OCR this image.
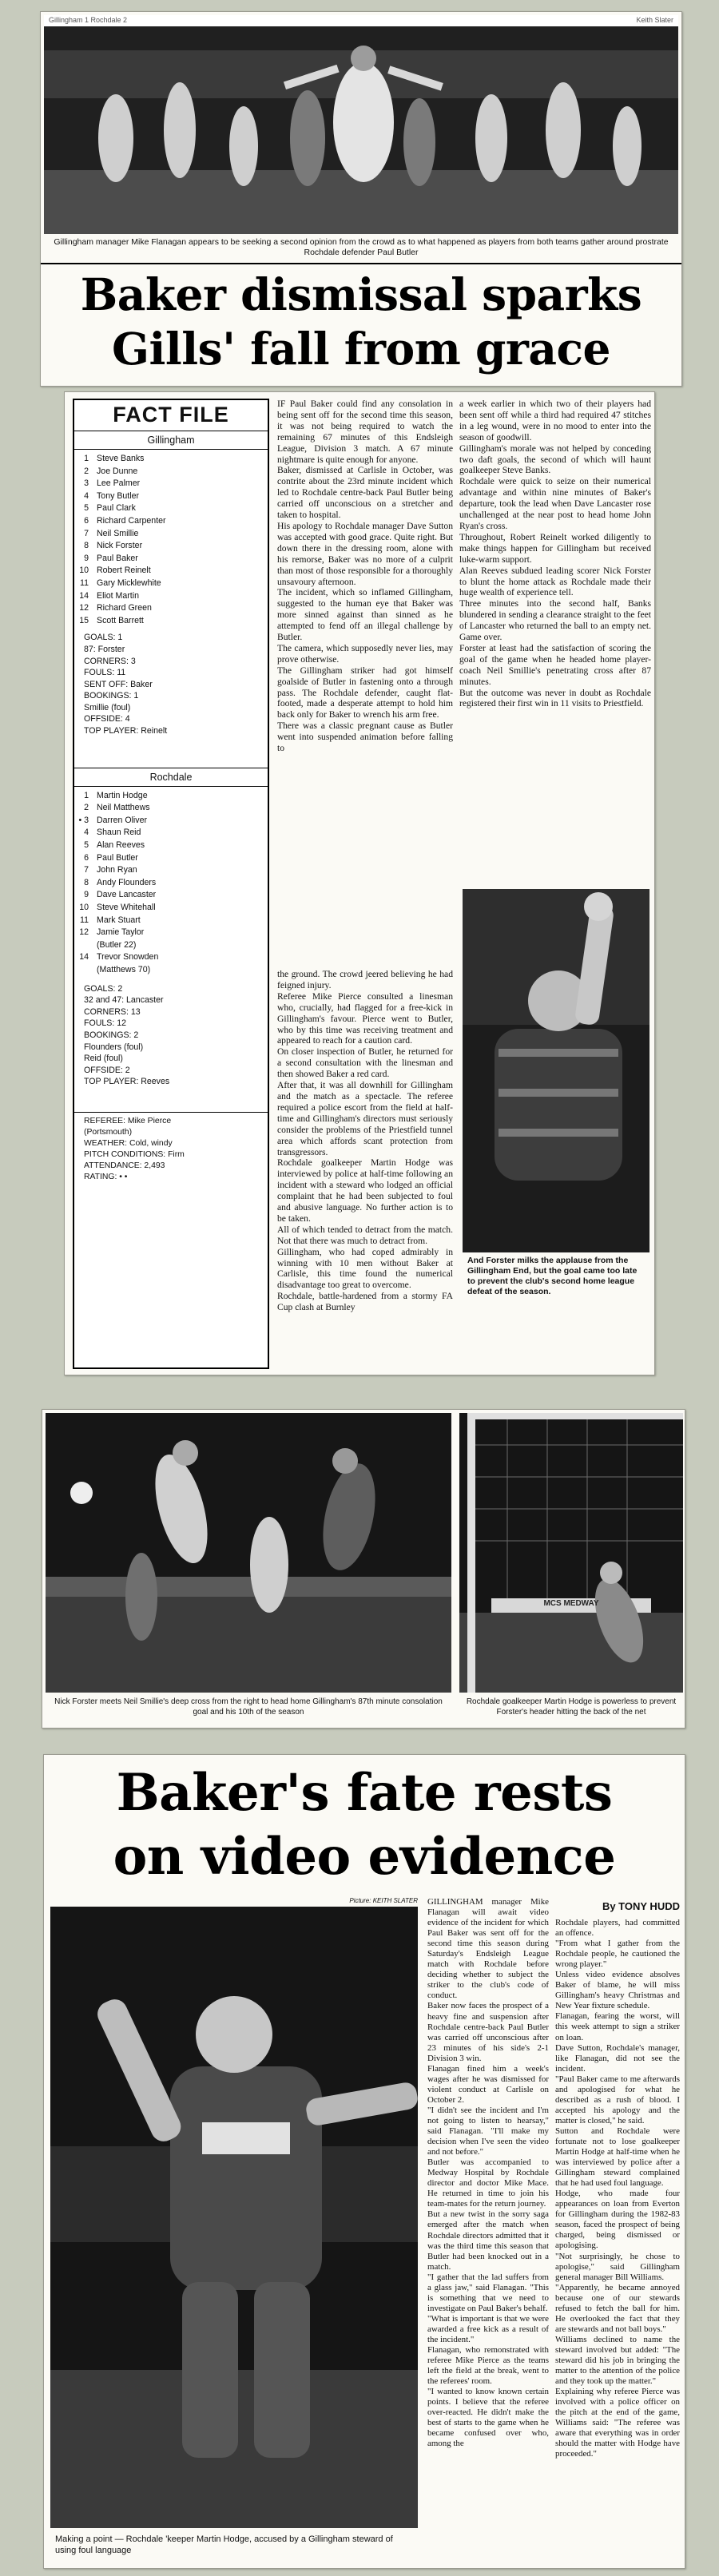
Gillingham 1 Rochdale 2	Keith Slater
Gillingham manager Mike Flanagan appears to be seeking a second opinion from the crowd as to what happened as players from both teams gather around prostrate Rochdale defender Paul Butler
Baker dismissal sparks
Gills' fall from grace
FACT FILE
Gillingham
1 Steve Banks
2 Joe Dunne
3 Lee Palmer
4 Tony Butler
5 Paul Clark
6 Richard Carpenter
7 Neil Smillie
8 Nick Forster
9 Paul Baker
10 Robert Reinelt
11 Gary Micklewhite
14 Eliot Martin
12 Richard Green
15 Scott Barrett
GOALS: 1
87: Forster
CORNERS: 3
FOULS: 11
SENT OFF: Baker
BOOKINGS: 1
Smillie (foul)
OFFSIDE: 4
TOP PLAYER: Reinelt
Rochdale
1 Martin Hodge
2 Neil Matthews
• 3 Darren Oliver
4 Shaun Reid
5 Alan Reeves
6 Paul Butler
7 John Ryan
8 Andy Flounders
9 Dave Lancaster
10 Steve Whitehall
11 Mark Stuart
12 Jamie Taylor
(Butler 22)
14 Trevor Snowden
(Matthews 70)
GOALS: 2
32 and 47: Lancaster
CORNERS: 13
FOULS: 12
BOOKINGS: 2
Flounders (foul)
Reid (foul)
OFFSIDE: 2
TOP PLAYER: Reeves
REFEREE: Mike Pierce
(Portsmouth)
WEATHER: Cold, windy
PITCH CONDITIONS: Firm
ATTENDANCE: 2,493
RATING: • •
IF Paul Baker could find any consolation in being sent off for the second time this season, it was not being required to watch the remaining 67 minutes of this Endsleigh League, Division 3 match. A 67 minute nightmare is quite enough for anyone.
Baker, dismissed at Carlisle in October, was contrite about the 23rd minute incident which led to Rochdale centre-back Paul Butler being carried off unconscious on a stretcher and taken to hospital.
His apology to Rochdale manager Dave Sutton was accepted with good grace. Quite right. But down there in the dressing room, alone with his remorse, Baker was no more of a culprit than most of those responsible for a thoroughly unsavoury afternoon.
The incident, which so inflamed Gillingham, suggested to the human eye that Baker was more sinned against than sinned as he attempted to fend off an illegal challenge by Butler.
The camera, which supposedly never lies, may prove otherwise.
The Gillingham striker had got himself goalside of Butler in fastening onto a through pass. The Rochdale defender, caught flat-footed, made a desperate attempt to hold him back only for Baker to wrench his arm free.
There was a classic pregnant cause as Butler went into suspended animation before falling to
the ground. The crowd jeered believing he had feigned injury.
Referee Mike Pierce consulted a linesman who, crucially, had flagged for a free-kick in Gillingham's favour. Pierce went to Butler, who by this time was receiving treatment and appeared to reach for a caution card.
On closer inspection of Butler, he returned for a second consultation with the linesman and then showed Baker a red card.
After that, it was all downhill for Gillingham and the match as a spectacle. The referee required a police escort from the field at half-time and Gillingham's directors must seriously consider the problems of the Priestfield tunnel area which affords scant protection from transgressors.
Rochdale goalkeeper Martin Hodge was interviewed by police at half-time following an incident with a steward who lodged an official complaint that he had been subjected to foul and abusive language. No further action is to be taken.
All of which tended to detract from the match. Not that there was much to detract from.
Gillingham, who had coped admirably in winning with 10 men without Baker at Carlisle, this time found the numerical disadvantage too great to overcome.
Rochdale, battle-hardened from a stormy FA Cup clash at Burnley
a week earlier in which two of their players had been sent off while a third had required 47 stitches in a leg wound, were in no mood to enter into the season of goodwill.
Gillingham's morale was not helped by conceding two daft goals, the second of which will haunt goalkeeper Steve Banks.
Rochdale were quick to seize on their numerical advantage and within nine minutes of Baker's departure, took the lead when Dave Lancaster rose unchallenged at the near post to head home John Ryan's cross.
Throughout, Robert Reinelt worked diligently to make things happen for Gillingham but received luke-warm support.
Alan Reeves subdued leading scorer Nick Forster to blunt the home attack as Rochdale made their huge wealth of experience tell.
Three minutes into the second half, Banks blundered in sending a clearance straight to the feet of Lancaster who returned the ball to an empty net. Game over.
Forster at least had the satisfaction of scoring the goal of the game when he headed home player-coach Neil Smillie's penetrating cross after 87 minutes.
But the outcome was never in doubt as Rochdale registered their first win in 11 visits to Priestfield.
And Forster milks the applause from the Gillingham End, but the goal came too late to prevent the club's second home league defeat of the season.
Nick Forster meets Neil Smillie's deep cross from the right to head home Gillingham's 87th minute consolation goal and his 10th of the season
MCS MEDWAY
Rochdale goalkeeper Martin Hodge is powerless to prevent Forster's header hitting the back of the net
Baker's fate rests
on video evidence
Picture: KEITH SLATER
Making a point — Rochdale 'keeper Martin Hodge, accused by a Gillingham steward of using foul language
GILLINGHAM manager Mike Flanagan will await video evidence of the incident for which Paul Baker was sent off for the second time this season during Saturday's Endsleigh League match with Rochdale before deciding whether to subject the striker to the club's code of conduct.
Baker now faces the prospect of a heavy fine and suspension after Rochdale centre-back Paul Butler was carried off unconscious after 23 minutes of his side's 2-1 Division 3 win.
Flanagan fined him a week's wages after he was dismissed for violent conduct at Carlisle on October 2.
"I didn't see the incident and I'm not going to listen to hearsay," said Flanagan. "I'll make my decision when I've seen the video and not before."
Butler was accompanied to Medway Hospital by Rochdale director and doctor Mike Mace. He returned in time to join his team-mates for the return journey.
But a new twist in the sorry saga emerged after the match when Rochdale directors admitted that it was the third time this season that Butler had been knocked out in a match.
"I gather that the lad suffers from a glass jaw," said Flanagan. "This is something that we need to investigate on Paul Baker's behalf.
"What is important is that we were awarded a free kick as a result of the incident."
Flanagan, who remonstrated with referee Mike Pierce as the teams left the field at the break, went to the referees' room.
"I wanted to know known certain points. I believe that the referee over-reacted. He didn't make the best of starts to the game when he became confused over who, among the
By TONY HUDD
Rochdale players, had committed an offence.
"From what I gather from the Rochdale people, he cautioned the wrong player."
Unless video evidence absolves Baker of blame, he will miss Gillingham's heavy Christmas and New Year fixture schedule.
Flanagan, fearing the worst, will this week attempt to sign a striker on loan.
Dave Sutton, Rochdale's manager, like Flanagan, did not see the incident.
"Paul Baker came to me afterwards and apologised for what he described as a rush of blood. I accepted his apology and the matter is closed," he said.
Sutton and Rochdale were fortunate not to lose goalkeeper Martin Hodge at half-time when he was interviewed by police after a Gillingham steward complained that he had used foul language.
Hodge, who made four appearances on loan from Everton for Gillingham during the 1982-83 season, faced the prospect of being charged, being dismissed or apologising.
"Not surprisingly, he chose to apologise," said Gillingham general manager Bill Williams.
"Apparently, he became annoyed because one of our stewards refused to fetch the ball for him. He overlooked the fact that they are stewards and not ball boys."
Williams declined to name the steward involved but added: "The steward did his job in bringing the matter to the attention of the police and they took up the matter."
Explaining why referee Pierce was involved with a police officer on the pitch at the end of the game, Williams said: "The referee was aware that everything was in order should the matter with Hodge have proceeded."
